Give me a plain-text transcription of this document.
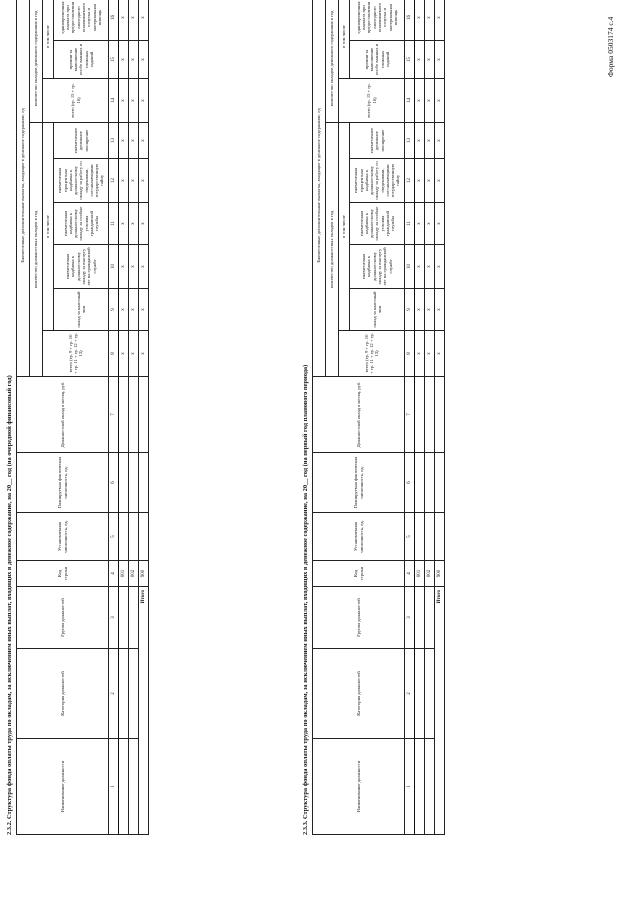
Форма 0503174 с.4
2.3.2. Структура фонда оплаты труда по окладам, за исключением иных выплат, входящих в денежное содержание, на 20__ год (на очередной финансовый год)	Наименование должности	Категория должностей	Группа должностей	Код строки	Установленная численность, ед.	Планируемая фактическая численность, ед.	Должностной оклад в месяц, руб.	Ежемесячные дополнительные выплаты, входящие в денежное содержание, ед								
							количество должностных окладов в год						количество окладов денежного содержания в год		
							всего (гр. 9 + гр. 10 + гр. 11 + гр. 12 + гр. 13)	в том числе					всего (гр. 15 + гр. 16)	в том числе	
								оклад за классный чин	ежемесячная надбавка к должностному окладу за выслугу лет на гражданской службе	ежемесячная надбавка к должностному окладу за особые условия гражданской службы	ежемесячная процентная надбавка к должностному окладу за работу со сведениями, составляющими государственную тайну	ежемесячное денежное поощрение		премии за выполнение особо важных и сложных заданий	единовременная выплата при предоставлении ежегодного оплачиваемого отпуска и материальная помощь
1	2	3	4	5	6	7	8	9	10	11	12	13	14	15	16
			001				x	x	x	x	x	x	x	x	x
			002				x	x	x	x	x	x	x	x	x
Итого			900				x	x	x	x	x	x	x	x	x
2.3.3. Структура фонда оплаты труда по окладам, за исключением иных выплат, входящих в денежное содержание, на 20__ год (на первый год планового периода)	Наименование должности	Категория должностей	Группа должностей	Код строки	Установленная численность, ед.	Планируемая фактическая численность, ед.	Должностной оклад в месяц, руб.	Ежемесячные дополнительные выплаты, входящие в денежное содержание, ед								
							количество должностных окладов в год						количество окладов денежного содержания в год		
							всего (гр. 9 + гр. 10 + гр. 11 + гр. 12 + гр. 13)	в том числе					всего (гр. 15 + гр. 16)	в том числе	
								оклад за классный чин	ежемесячная надбавка к должностному окладу за выслугу лет на гражданской службе	ежемесячная надбавка к должностному окладу за особые условия гражданской службы	ежемесячная процентная надбавка к должностному окладу за работу со сведениями, составляющими государственную тайну	ежемесячное денежное поощрение		премии за выполнение особо важных и сложных заданий	единовременная выплата при предоставлении ежегодного оплачиваемого отпуска и материальная помощь
1	2	3	4	5	6	7	8	9	10	11	12	13	14	15	16
			001				x	x	x	x	x	x	x	x	x
			002				x	x	x	x	x	x	x	x	x
Итого			900				x	x	x	x	x	x	x	x	x
